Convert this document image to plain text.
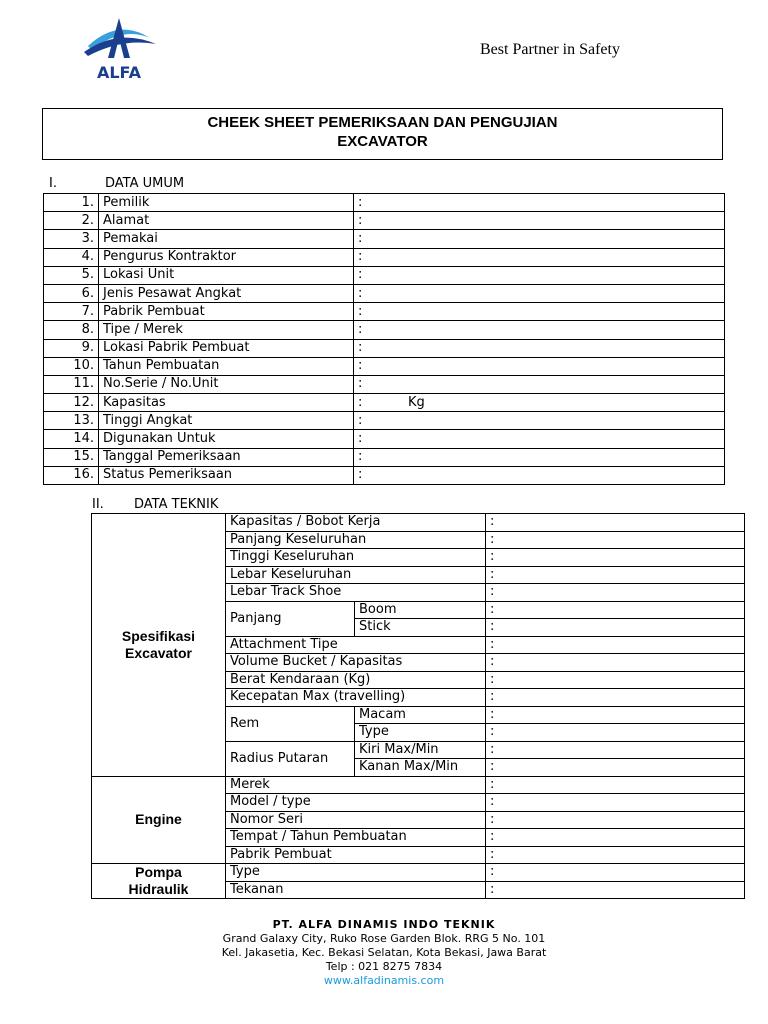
ALFA
Best Partner in Safety
CHEEK SHEET PEMERIKSAAN DAN PENGUJIAN
EXCAVATOR
I.	DATA UMUM
1.	Pemilik	:
2.	Alamat	:
3.	Pemakai	:
4.	Pengurus Kontraktor	:
5.	Lokasi Unit	:
6.	Jenis Pesawat Angkat	:
7.	Pabrik Pembuat	:
8.	Tipe / Merek	:
9.	Lokasi Pabrik Pembuat	:
10.	Tahun Pembuatan	:
11.	No.Serie / No.Unit	:
12.	Kapasitas	: Kg
13.	Tinggi Angkat	:
14.	Digunakan Untuk	:
15.	Tanggal Pemeriksaan	:
16.	Status Pemeriksaan	:
II. DATA TEKNIK
Spesifikasi
Excavator	Kapasitas / Bobot Kerja		:
	Panjang Keseluruhan		:
	Tinggi Keseluruhan		:
	Lebar Keseluruhan		:
	Lebar Track Shoe		:
	Panjang	Boom	:
		Stick	:
	Attachment Tipe		:
	Volume Bucket / Kapasitas		:
	Berat Kendaraan (Kg)		:
	Kecepatan Max (travelling)		:
	Rem	Macam	:
		Type	:
	Radius Putaran	Kiri Max/Min	:
		Kanan Max/Min	:
Engine	Merek		:
	Model / type		:
	Nomor Seri		:
	Tempat / Tahun Pembuatan		:
	Pabrik Pembuat		:
Pompa
Hidraulik	Type		:
	Tekanan		:
PT. ALFA DINAMIS INDO TEKNIK
Grand Galaxy City, Ruko Rose Garden Blok. RRG 5 No. 101
Kel. Jakasetia, Kec. Bekasi Selatan, Kota Bekasi, Jawa Barat
Telp : 021 8275 7834
www.alfadinamis.com
